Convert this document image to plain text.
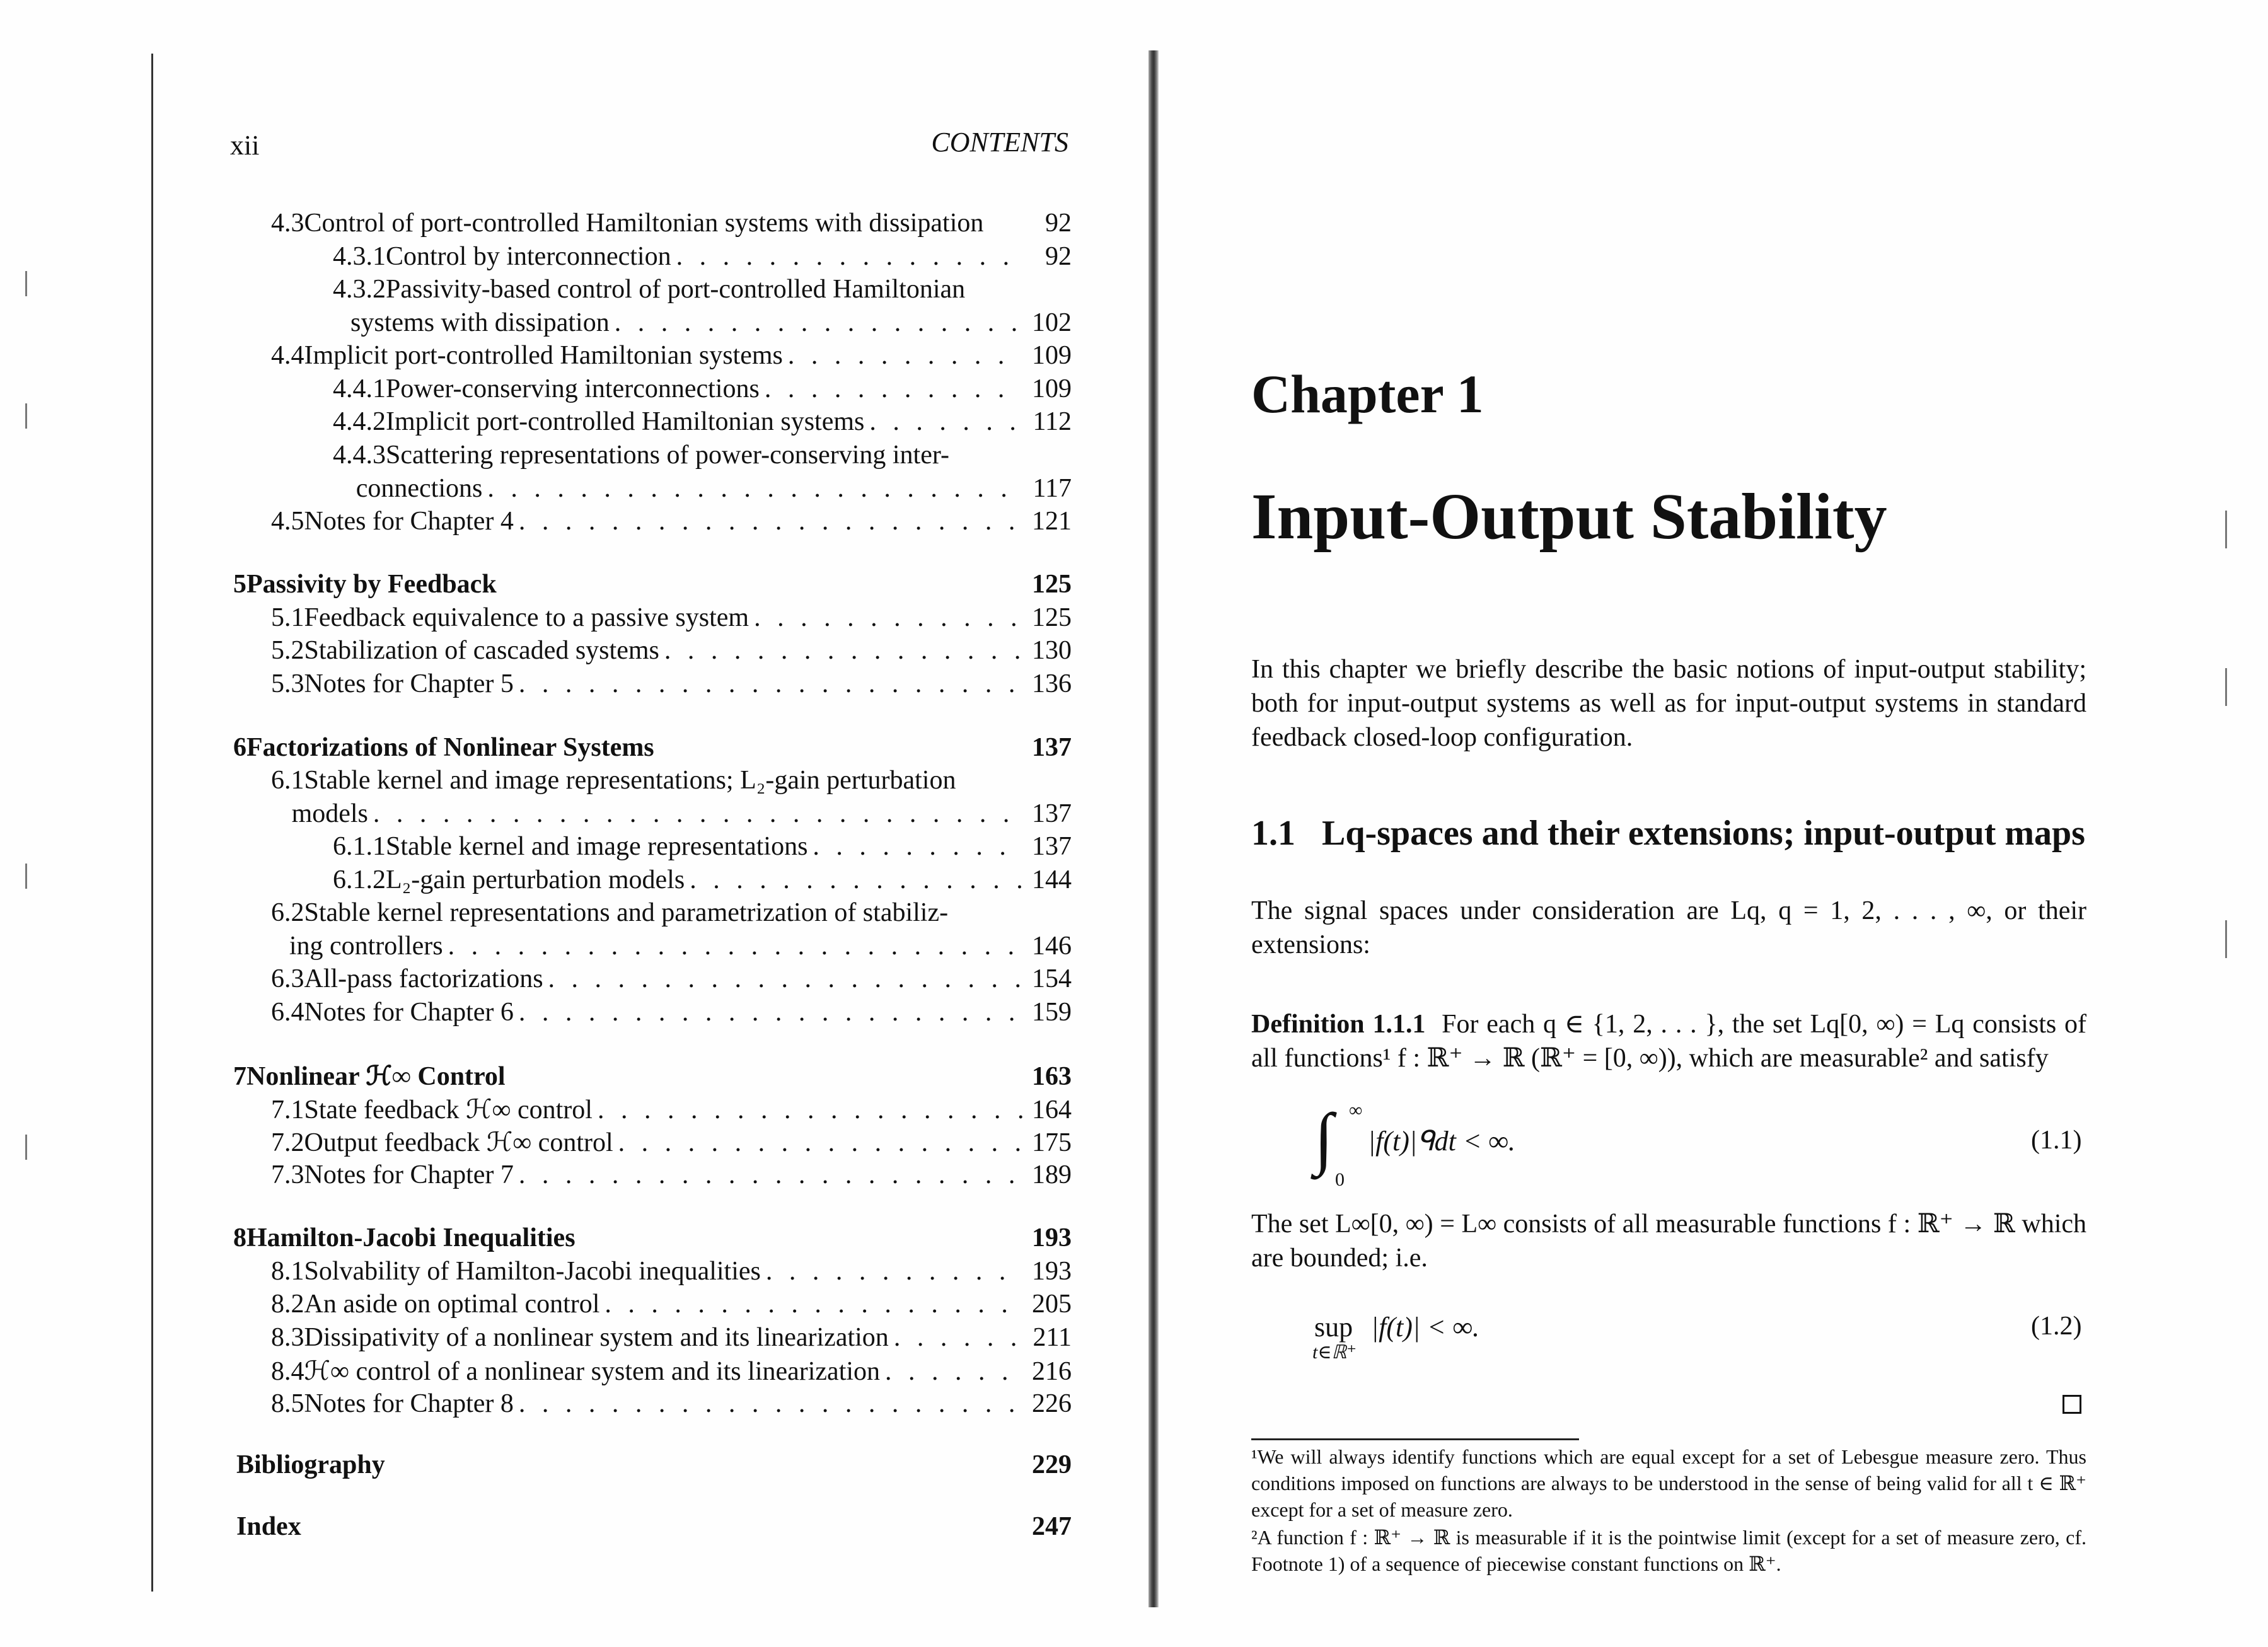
xii	CONTENTS
4.3 Control of port-controlled Hamiltonian systems with dissipation	92
4.3.1 Control by interconnection . . .	92
4.3.2 Passivity-based control of port-controlled Hamiltonian
systems with dissipation . . .	102
4.4 Implicit port-controlled Hamiltonian systems . . .	109
4.4.1 Power-conserving interconnections . . .	109
4.4.2 Implicit port-controlled Hamiltonian systems . . .	112
4.4.3 Scattering representations of power-conserving inter-
connections . . .	117
4.5 Notes for Chapter 4 . . .	121
5 Passivity by Feedback	125
5.1 Feedback equivalence to a passive system . . .	125
5.2 Stabilization of cascaded systems . . .	130
5.3 Notes for Chapter 5 . . .	136
6 Factorizations of Nonlinear Systems	137
6.1 Stable kernel and image representations; L₂-gain perturbation
models . . .	137
6.1.1 Stable kernel and image representations . . .	137
6.1.2 L₂-gain perturbation models . . .	144
6.2 Stable kernel representations and parametrization of stabiliz-
ing controllers . . .	146
6.3 All-pass factorizations . . .	154
6.4 Notes for Chapter 6 . . .	159
7 Nonlinear ℋ∞ Control	163
7.1 State feedback ℋ∞ control . . .	164
7.2 Output feedback ℋ∞ control . . .	175
7.3 Notes for Chapter 7 . . .	189
8 Hamilton-Jacobi Inequalities	193
8.1 Solvability of Hamilton-Jacobi inequalities . . .	193
8.2 An aside on optimal control . . .	205
8.3 Dissipativity of a nonlinear system and its linearization . . .	211
8.4 ℋ∞ control of a nonlinear system and its linearization . . .	216
8.5 Notes for Chapter 8 . . .	226
Bibliography	229
Index	247
Chapter 1
Input-Output Stability
In this chapter we briefly describe the basic notions of input-output stability; both for input-output systems as well as for input-output systems in standard feedback closed-loop configuration.
1.1 Lq-spaces and their extensions; input-output maps
The signal spaces under consideration are Lq, q = 1, 2, . . . , ∞, or their extensions:
Definition 1.1.1 For each q ∈ {1, 2, . . . }, the set Lq[0, ∞) = Lq consists of all functions¹ f : ℝ⁺ → ℝ (ℝ⁺ = [0, ∞)), which are measurable² and satisfy
∫ ∞
0
|f(t)|ᑫdt < ∞.	(1.1)
The set L∞[0, ∞) = L∞ consists of all measurable functions f : ℝ⁺ → ℝ which are bounded; i.e.
sup
t∈ℝ⁺
|f(t)| < ∞.	(1.2)
¹We will always identify functions which are equal except for a set of Lebesgue measure zero. Thus conditions imposed on functions are always to be understood in the sense of being valid for all t ∈ ℝ⁺ except for a set of measure zero.
²A function f : ℝ⁺ → ℝ is measurable if it is the pointwise limit (except for a set of measure zero, cf. Footnote 1) of a sequence of piecewise constant functions on ℝ⁺.
